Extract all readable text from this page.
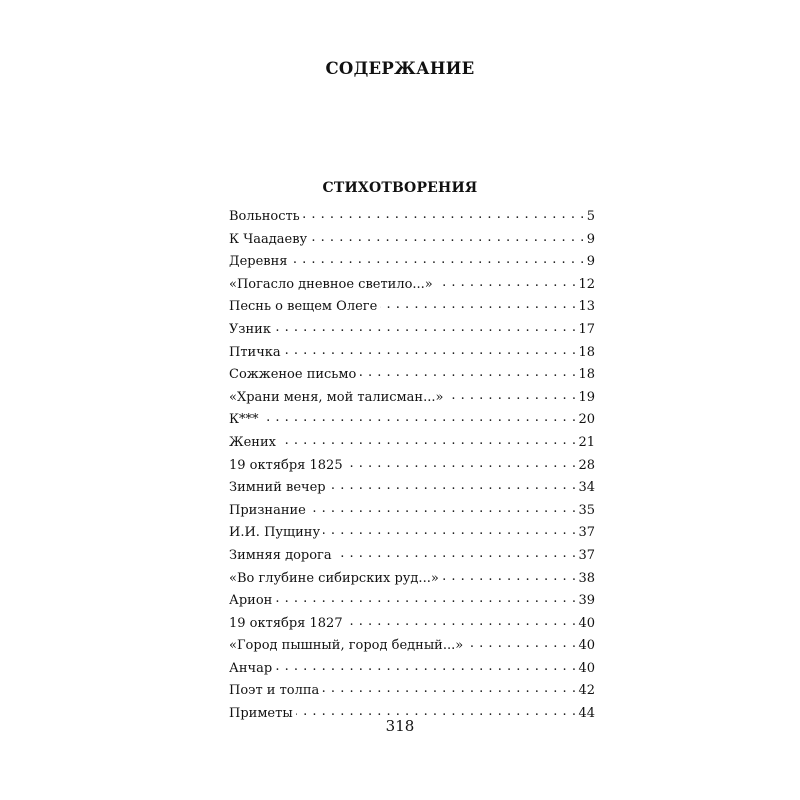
СОДЕРЖАНИЕ
СТИХОТВОРЕНИЯ
Вольность . . .	5
К Чаадаеву . . .	9
Деревня . . .	9
«Погасло дневное светило...» . . .	12
Песнь о вещем Олеге . . .	13
Узник . . .	17
Птичка . . .	18
Сожженое письмо . . .	18
«Храни меня, мой талисман...» . . .	19
К*** . . .	20
Жених . . .	21
19 октября 1825 . . .	28
Зимний вечер . . .	34
Признание . . .	35
И.И. Пущину . . .	37
Зимняя дорога . . .	37
«Во глубине сибирских руд...» . . .	38
Арион . . .	39
19 октября 1827 . . .	40
«Город пышный, город бедный...» . . .	40
Анчар . . .	40
Поэт и толпа . . .	42
Приметы . . .	44
318
